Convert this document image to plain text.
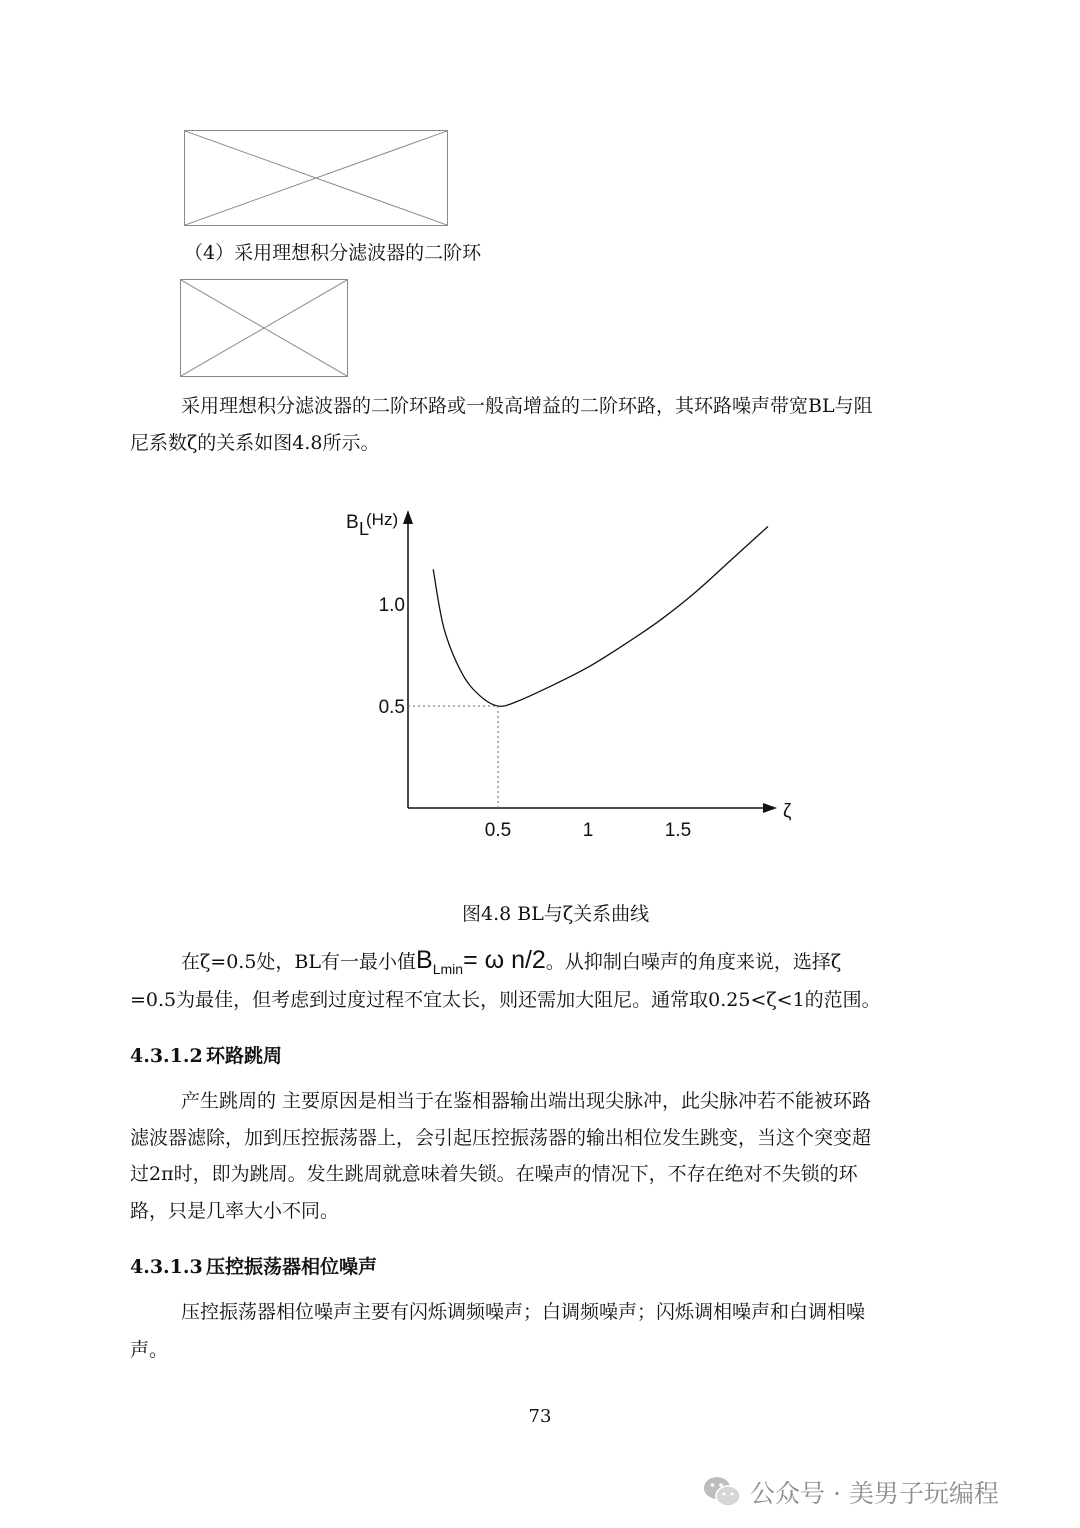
（4）采用理想积分滤波器的二阶环
采用理想积分滤波器的二阶环路或一般高增益的二阶环路，其环路噪声带宽BL与阻
尼系数ζ的关系如图4.8所示。
B L
(Hz)
ζ
0.5	1	1.5
1.0
0.5
图4.8 BL与ζ关系曲线
在ζ=0.5处，BL有一最小值$B_{Lmin}= \omega$ n/2。从抑制白噪声的角度来说，选择ζ
=0.5为最佳，但考虑到过度过程不宜太长，则还需加大阻尼。通常取0.25<ζ<1的范围。
4.3.1.2 环路跳周
产生跳周的 主要原因是相当于在鉴相器输出端出现尖脉冲，此尖脉冲若不能被环路
滤波器滤除，加到压控振荡器上，会引起压控振荡器的输出相位发生跳变，当这个突变超
过2π时，即为跳周。发生跳周就意味着失锁。在噪声的情况下，不存在绝对不失锁的环
路，只是几率大小不同。
4.3.1.3 压控振荡器相位噪声
压控振荡器相位噪声主要有闪烁调频噪声；白调频噪声；闪烁调相噪声和白调相噪
声。
73
公众号 · 美男子玩编程
